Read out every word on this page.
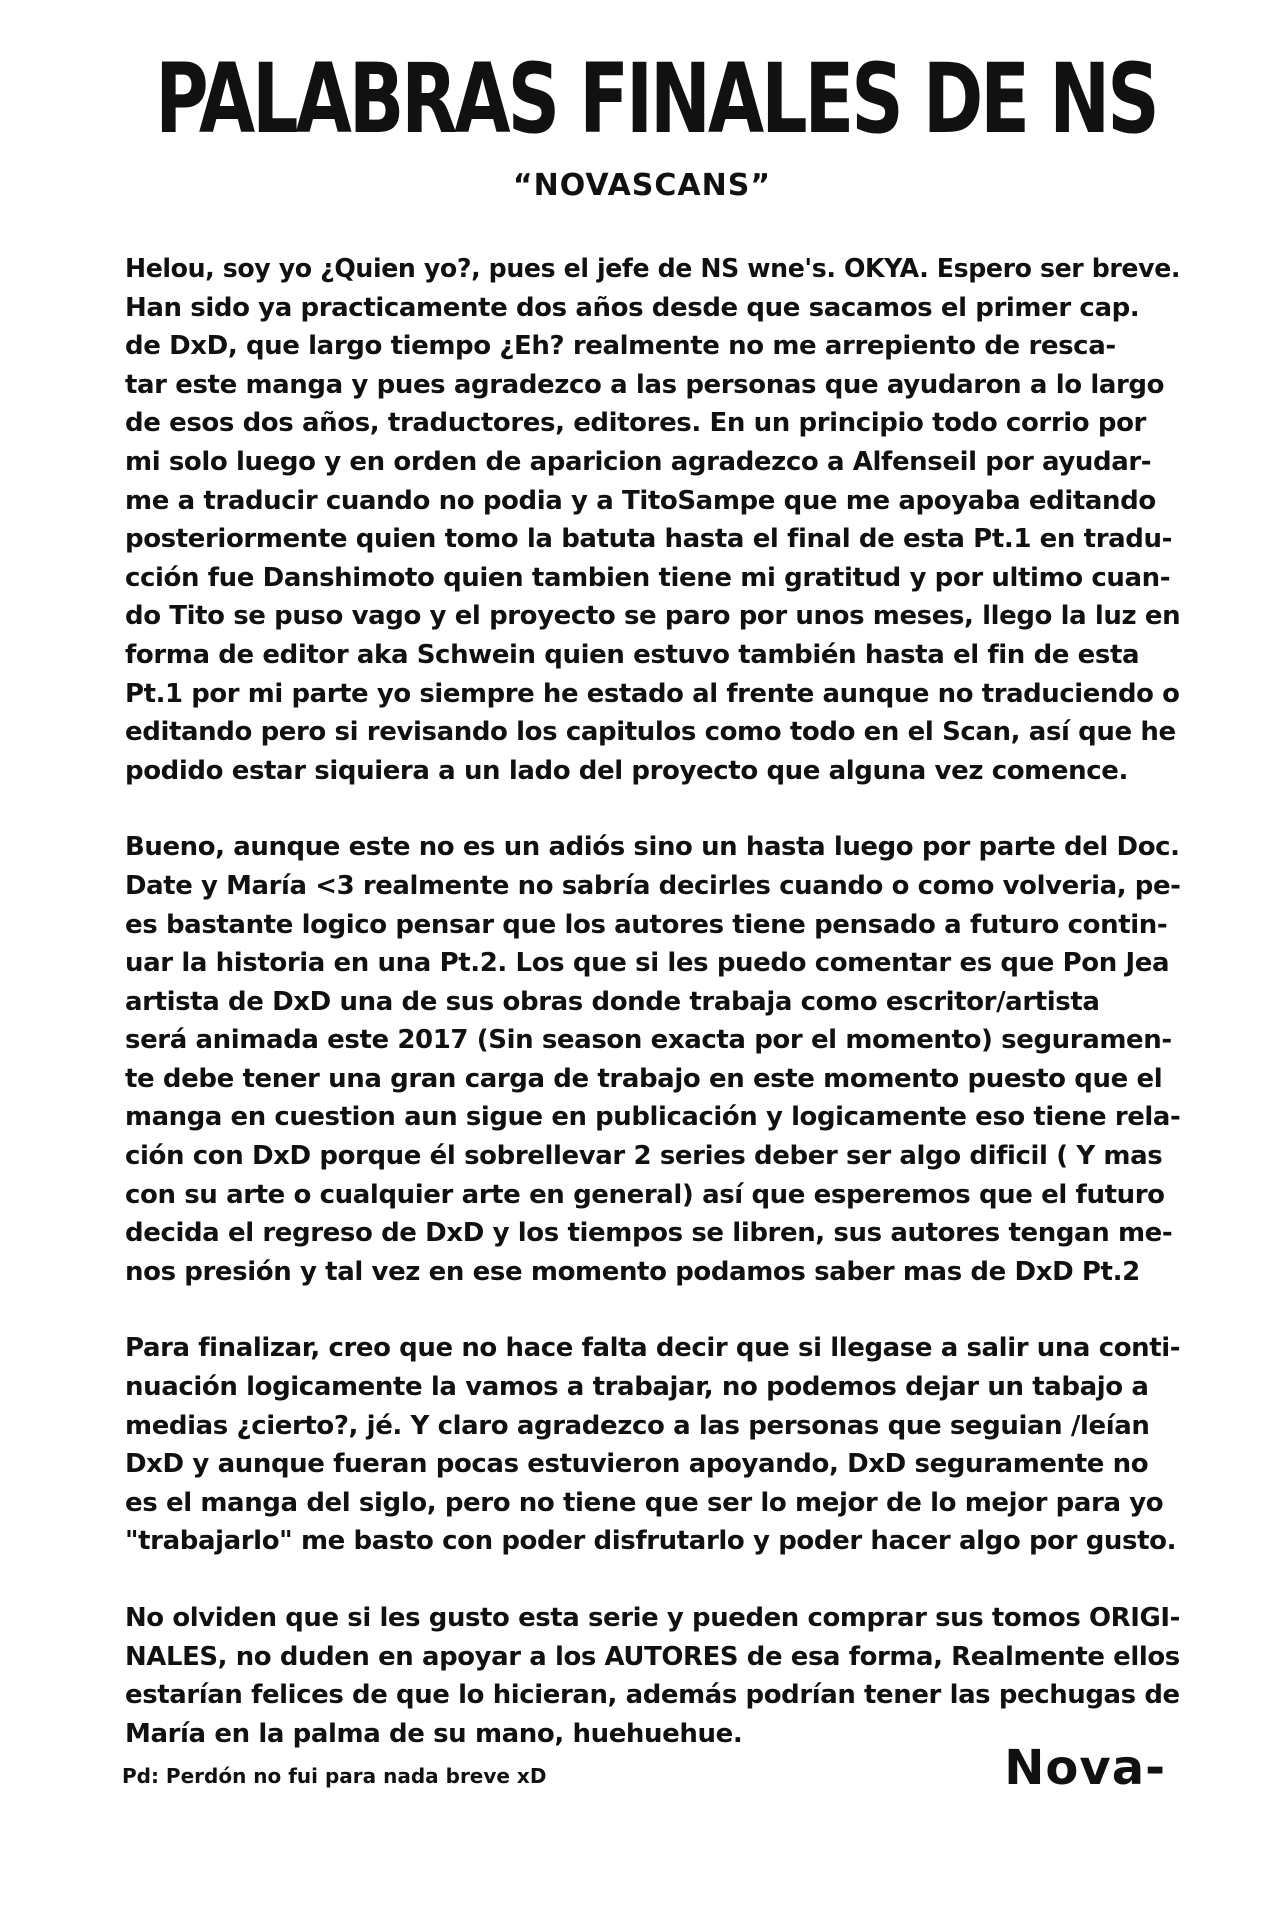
PALABRAS FINALES DE NS
“NOVASCANS”

Helou, soy yo ¿Quien yo?, pues el jefe de NS wne's. OKYA. Espero ser breve.
Han sido ya practicamente dos años desde que sacamos el primer cap.
de DxD, que largo tiempo ¿Eh? realmente no me arrepiento de resca-
tar este manga y pues agradezco a las personas que ayudaron a lo largo
de esos dos años, traductores, editores. En un principio todo corrio por
mi solo luego y en orden de aparicion agradezco a Alfenseil por ayudar-
me a traducir cuando no podia y a TitoSampe que me apoyaba editando
posteriormente quien tomo la batuta hasta el final de esta Pt.1 en tradu-
cción fue Danshimoto quien tambien tiene mi gratitud y por ultimo cuan-
do Tito se puso vago y el proyecto se paro por unos meses, llego la luz en
forma de editor aka Schwein quien estuvo también hasta el fin de esta
Pt.1 por mi parte yo siempre he estado al frente aunque no traduciendo o
editando pero si revisando los capitulos como todo en el Scan, así que he
podido estar siquiera a un lado del proyecto que alguna vez comence.

Bueno, aunque este no es un adiós sino un hasta luego por parte del Doc.
Date y María <3 realmente no sabría decirles cuando o como volveria, pe-
es bastante logico pensar que los autores tiene pensado a futuro contin-
uar la historia en una Pt.2. Los que si les puedo comentar es que Pon Jea
artista de DxD una de sus obras donde trabaja como escritor/artista
será animada este 2017 (Sin season exacta por el momento) seguramen-
te debe tener una gran carga de trabajo en este momento puesto que el
manga en cuestion aun sigue en publicación y logicamente eso tiene rela-
ción con DxD porque él sobrellevar 2 series deber ser algo dificil ( Y mas
con su arte o cualquier arte en general) así que esperemos que el futuro
decida el regreso de DxD y los tiempos se libren, sus autores tengan me-
nos presión y tal vez en ese momento podamos saber mas de DxD Pt.2

Para finalizar, creo que no hace falta decir que si llegase a salir una conti-
nuación logicamente la vamos a trabajar, no podemos dejar un tabajo a
medias ¿cierto?, jé. Y claro agradezco a las personas que seguian /leían
DxD y aunque fueran pocas estuvieron apoyando, DxD seguramente no
es el manga del siglo, pero no tiene que ser lo mejor de lo mejor para yo
"trabajarlo" me basto con poder disfrutarlo y poder hacer algo por gusto.

No olviden que si les gusto esta serie y pueden comprar sus tomos ORIGI-
NALES, no duden en apoyar a los AUTORES de esa forma, Realmente ellos
estarían felices de que lo hicieran, además podrían tener las pechugas de
María en la palma de su mano, huehuehue.

Pd: Perdón no fui para nada breve xD	Nova-
